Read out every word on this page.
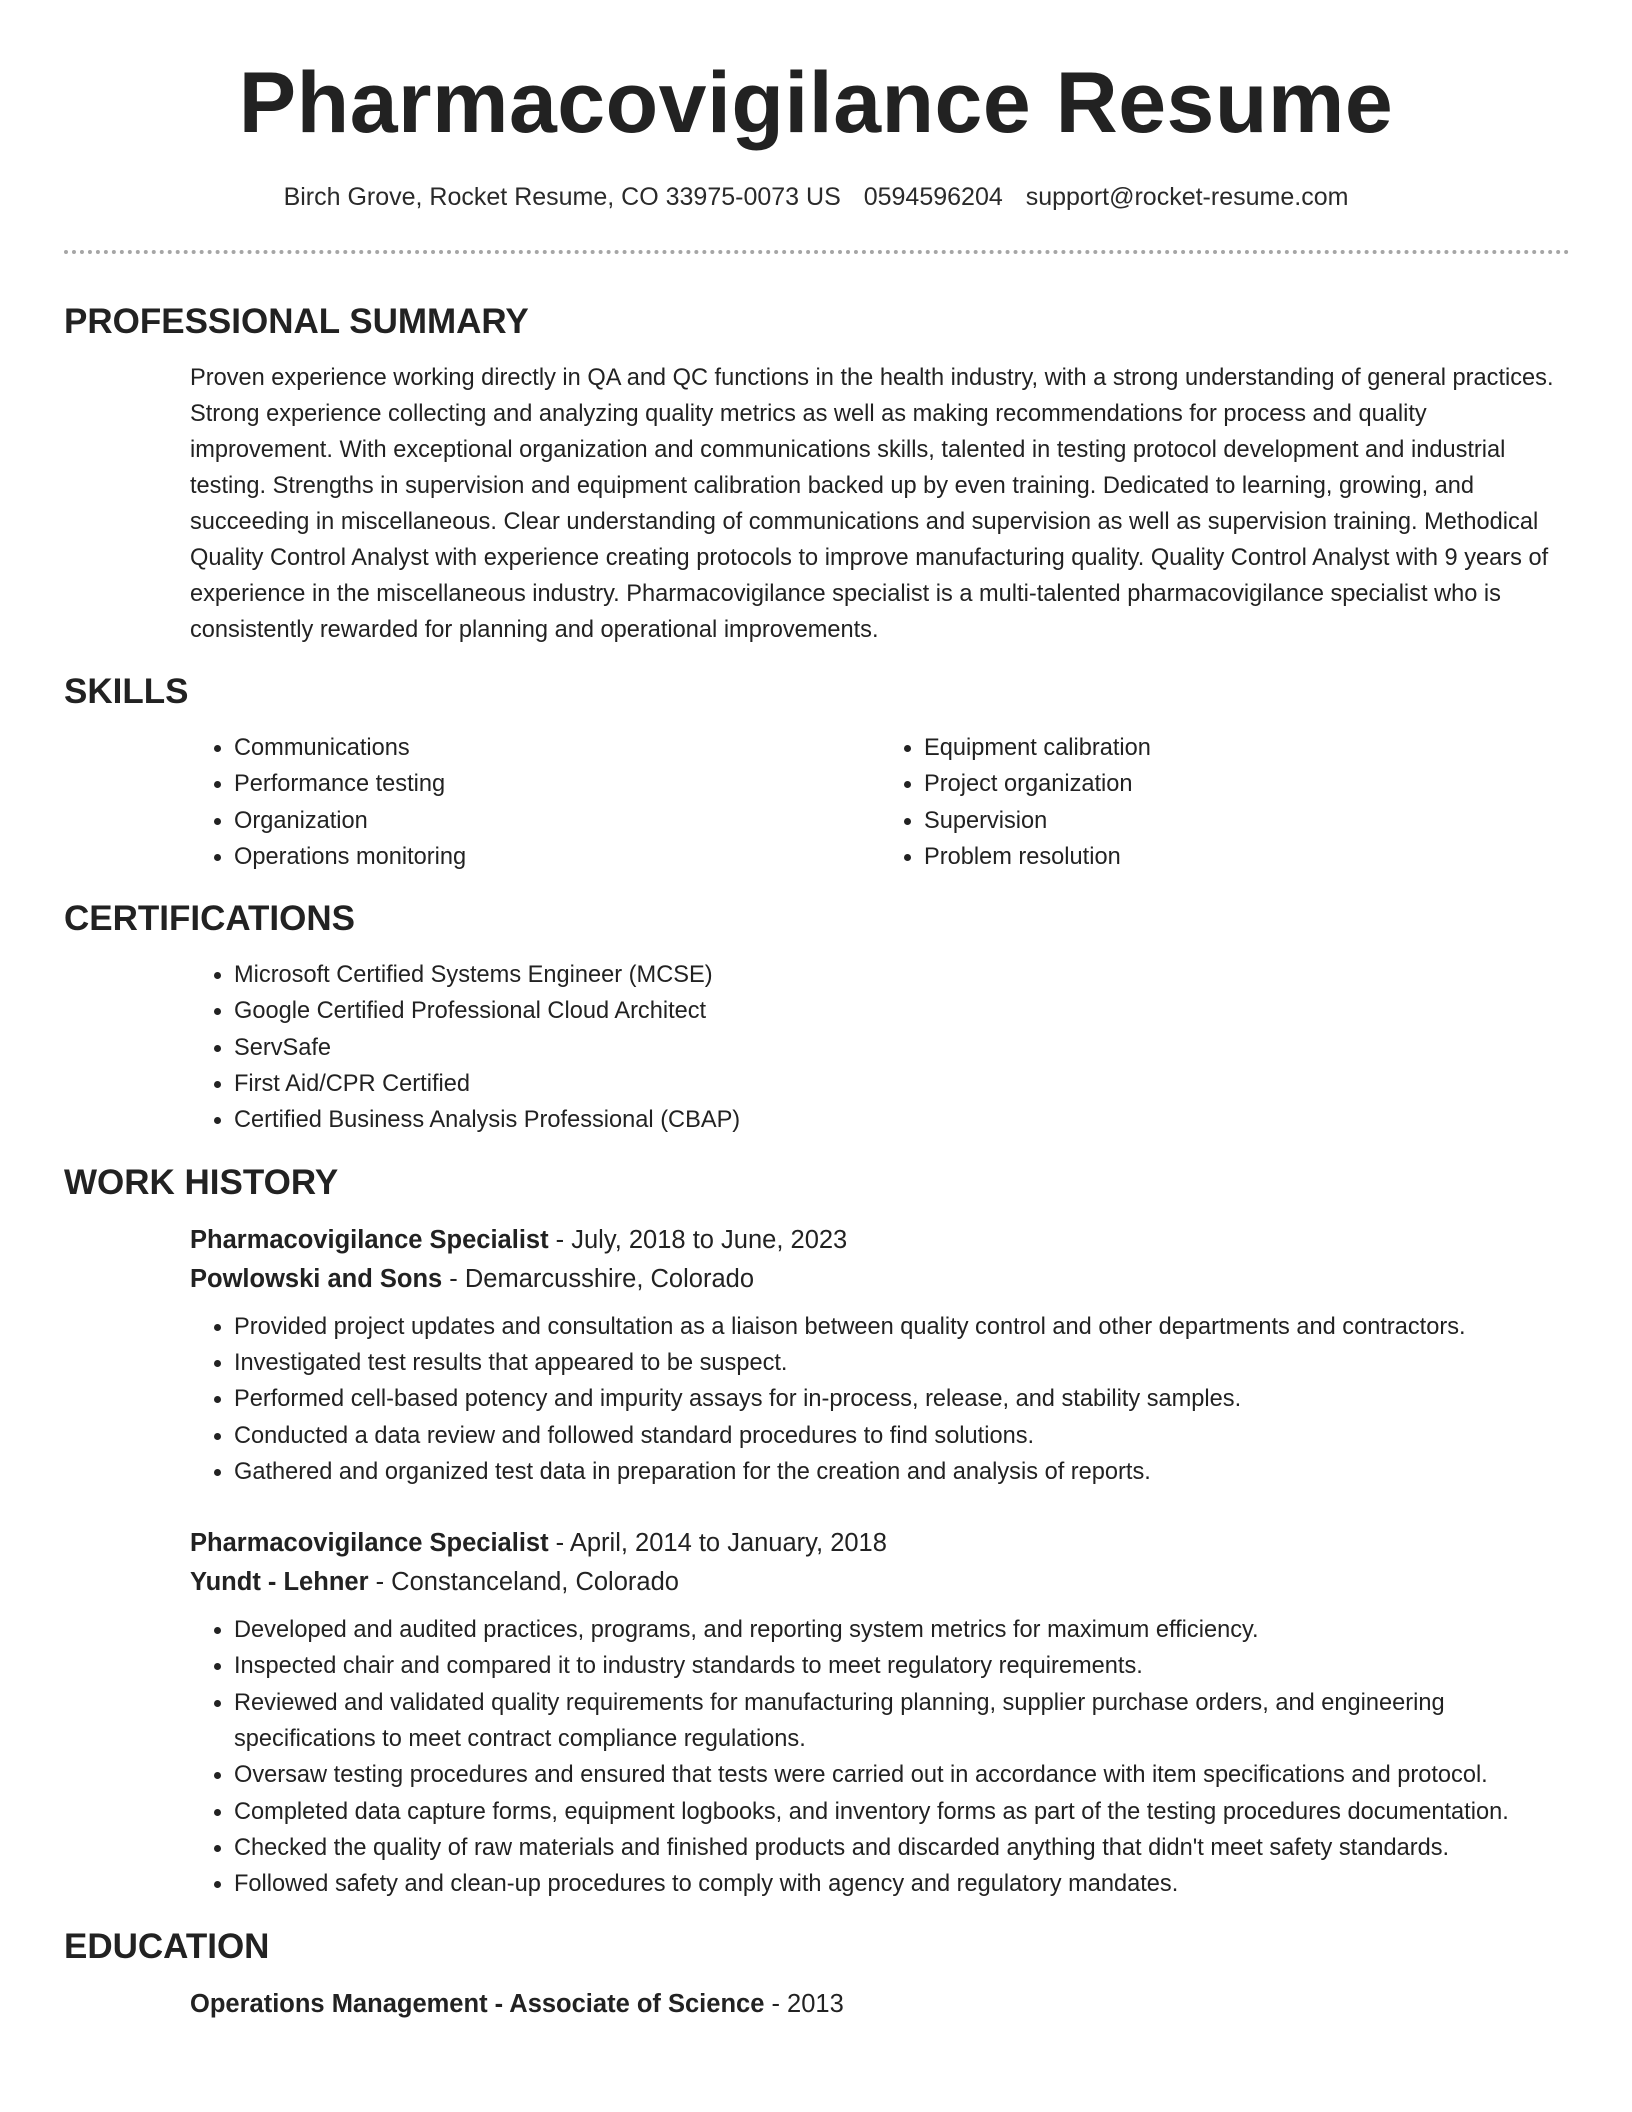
Pharmacovigilance Resume
Birch Grove, Rocket Resume, CO 33975-0073 US 0594596204 support@rocket-resume.com
PROFESSIONAL SUMMARY

Proven experience working directly in QA and QC functions in the health industry, with a strong understanding of general practices. Strong experience collecting and analyzing quality metrics as well as making recommendations for process and quality improvement. With exceptional organization and communications skills, talented in testing protocol development and industrial testing. Strengths in supervision and equipment calibration backed up by even training. Dedicated to learning, growing, and succeeding in miscellaneous. Clear understanding of communications and supervision as well as supervision training. Methodical Quality Control Analyst with experience creating protocols to improve manufacturing quality. Quality Control Analyst with 9 years of experience in the miscellaneous industry. Pharmacovigilance specialist is a multi-talented pharmacovigilance specialist who is consistently rewarded for planning and operational improvements.

SKILLS
• Communications
• Performance testing
• Organization
• Operations monitoring
• Equipment calibration
• Project organization
• Supervision
• Problem resolution
CERTIFICATIONS
• Microsoft Certified Systems Engineer (MCSE)
• Google Certified Professional Cloud Architect
• ServSafe
• First Aid/CPR Certified
• Certified Business Analysis Professional (CBAP)
WORK HISTORY
Pharmacovigilance Specialist - July, 2018 to June, 2023
Powlowski and Sons - Demarcusshire, Colorado
• Provided project updates and consultation as a liaison between quality control and other departments and contractors.
• Investigated test results that appeared to be suspect.
• Performed cell-based potency and impurity assays for in-process, release, and stability samples.
• Conducted a data review and followed standard procedures to find solutions.
• Gathered and organized test data in preparation for the creation and analysis of reports.
Pharmacovigilance Specialist - April, 2014 to January, 2018
Yundt - Lehner - Constanceland, Colorado
• Developed and audited practices, programs, and reporting system metrics for maximum efficiency.
• Inspected chair and compared it to industry standards to meet regulatory requirements.
• Reviewed and validated quality requirements for manufacturing planning, supplier purchase orders, and engineering specifications to meet contract compliance regulations.
• Oversaw testing procedures and ensured that tests were carried out in accordance with item specifications and protocol.
• Completed data capture forms, equipment logbooks, and inventory forms as part of the testing procedures documentation.
• Checked the quality of raw materials and finished products and discarded anything that didn't meet safety standards.
• Followed safety and clean-up procedures to comply with agency and regulatory mandates.
EDUCATION
Operations Management - Associate of Science - 2013
